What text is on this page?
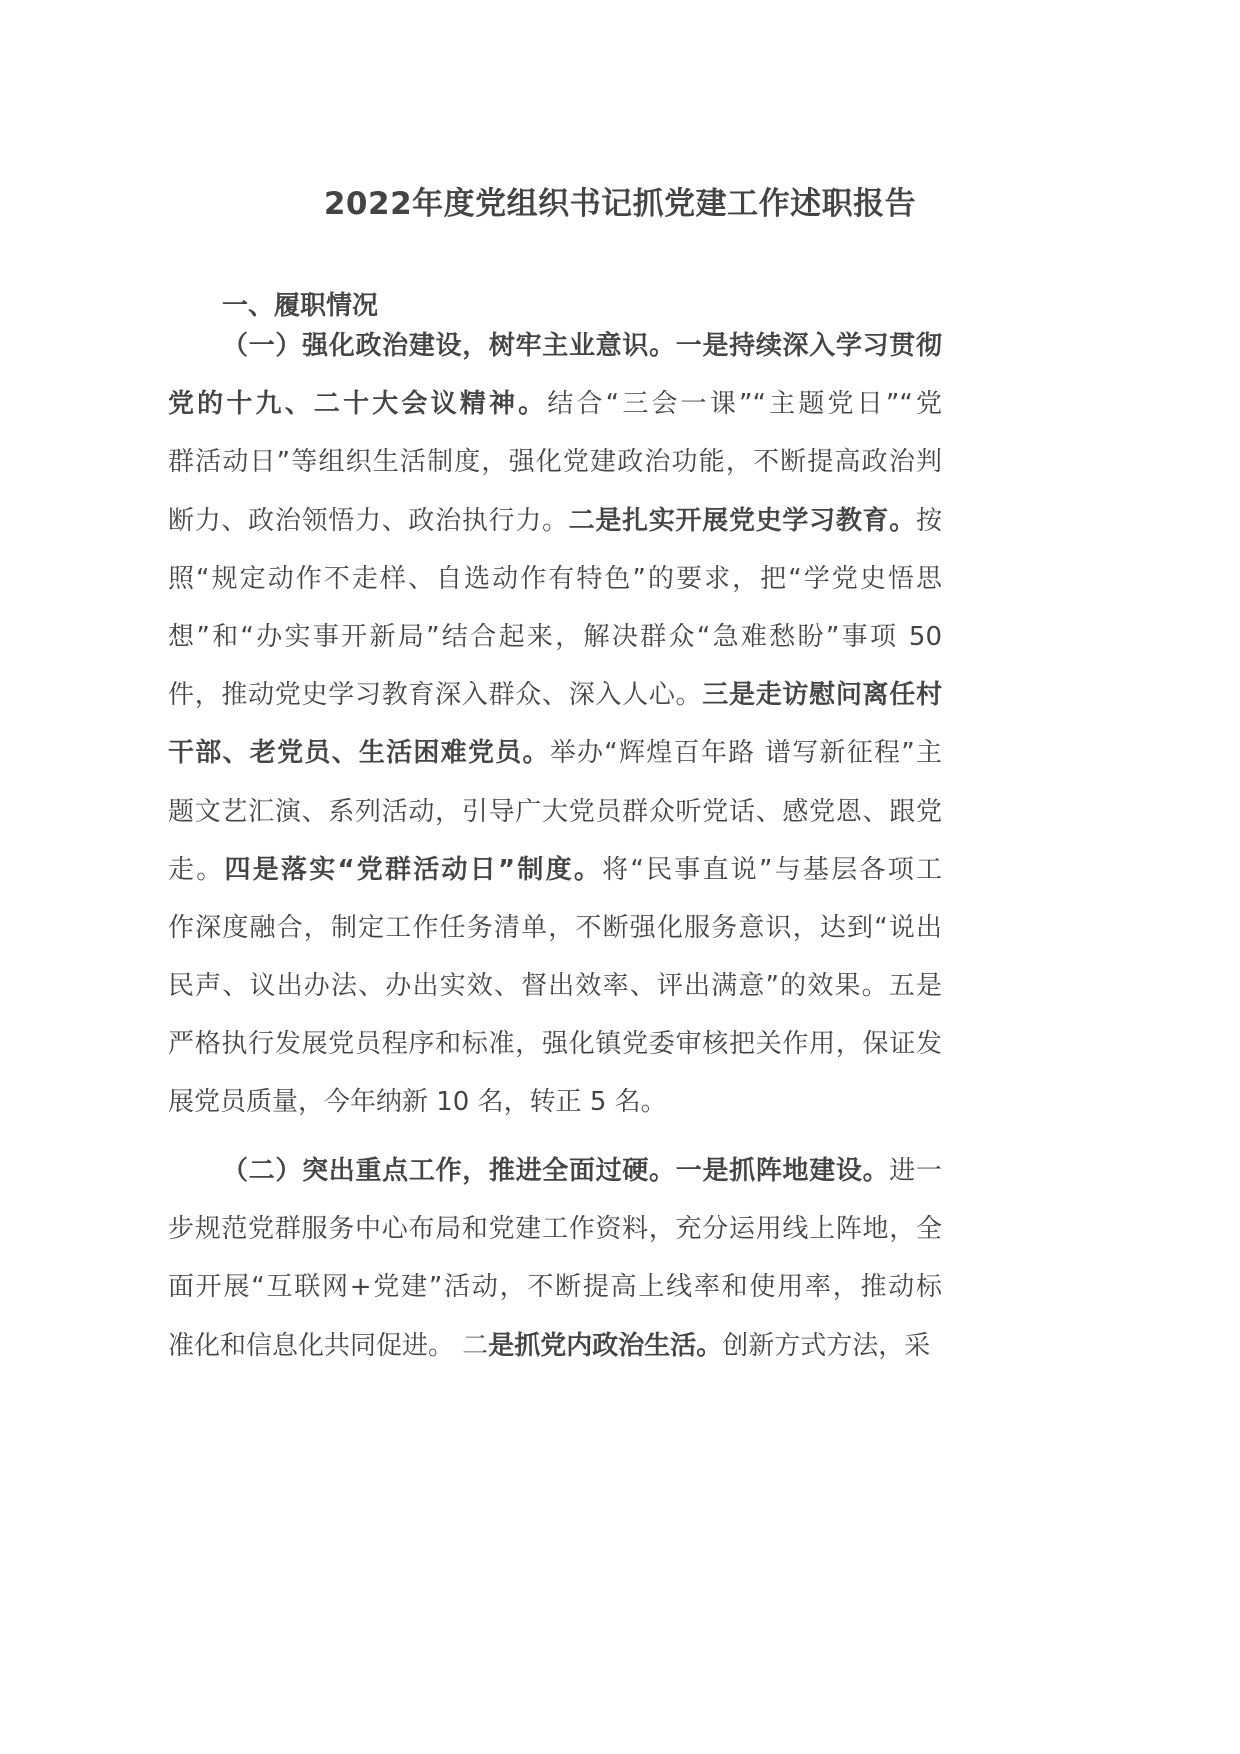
2022年度党组织书记抓党建工作述职报告
一、履职情况
（一）强化政治建设，树牢主业意识。一是持续深入学习贯彻
党的十九、二十大会议精神。结合“三会一课”“主题党日”“党
群活动日”等组织生活制度，强化党建政治功能，不断提高政治判
断力、政治领悟力、政治执行力。二是扎实开展党史学习教育。按
照“规定动作不走样、自选动作有特色”的要求，把“学党史悟思
想”和“办实事开新局”结合起来，解决群众“急难愁盼”事项 50
件，推动党史学习教育深入群众、深入人心。三是走访慰问离任村
干部、老党员、生活困难党员。举办“辉煌百年路 谱写新征程”主
题文艺汇演、系列活动，引导广大党员群众听党话、感党恩、跟党
走。四是落实“党群活动日”制度。将“民事直说”与基层各项工
作深度融合，制定工作任务清单，不断强化服务意识，达到“说出
民声、议出办法、办出实效、督出效率、评出满意”的效果。五是
严格执行发展党员程序和标准，强化镇党委审核把关作用，保证发
展党员质量，今年纳新 10 名，转正 5 名。
（二）突出重点工作，推进全面过硬。一是抓阵地建设。进一
步规范党群服务中心布局和党建工作资料，充分运用线上阵地，全
面开展“互联网+党建”活动，不断提高上线率和使用率，推动标
准化和信息化共同促进。 二是抓党内政治生活。创新方式方法，采
